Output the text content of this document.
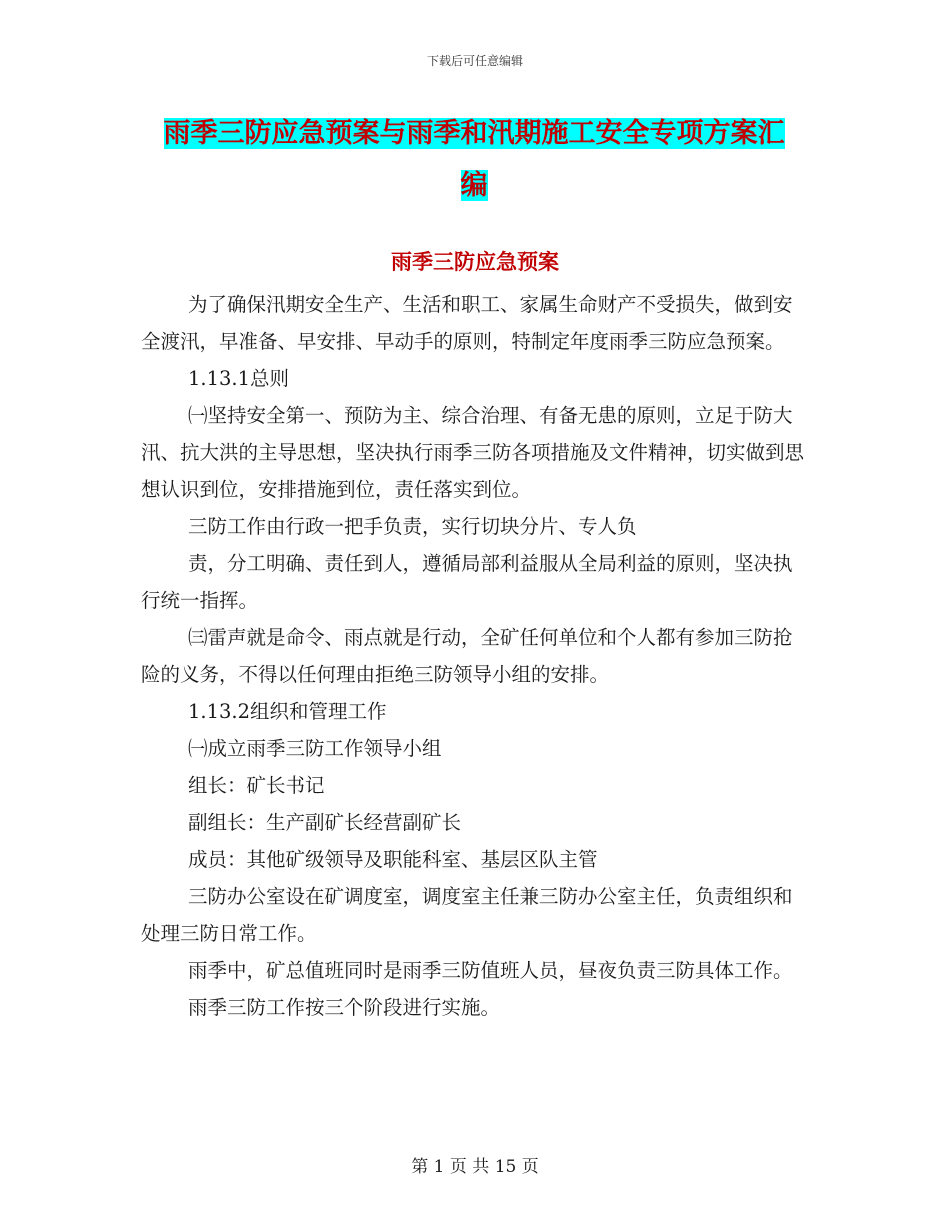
下载后可任意编辑
雨季三防应急预案与雨季和汛期施工安全专项方案汇
编
雨季三防应急预案

为了确保汛期安全生产、生活和职工、家属生命财产不受损失，做到安全渡汛，早准备、早安排、早动手的原则，特制定年度雨季三防应急预案。

1.13.1总则

㈠坚持安全第一、预防为主、综合治理、有备无患的原则，立足于防大汛、抗大洪的主导思想，坚决执行雨季三防各项措施及文件精神，切实做到思想认识到位，安排措施到位，责任落实到位。

三防工作由行政一把手负责，实行切块分片、专人负

责，分工明确、责任到人，遵循局部利益服从全局利益的原则，坚决执行统一指挥。

㈢雷声就是命令、雨点就是行动，全矿任何单位和个人都有参加三防抢险的义务，不得以任何理由拒绝三防领导小组的安排。

1.13.2组织和管理工作

㈠成立雨季三防工作领导小组

组长：矿长书记

副组长：生产副矿长经营副矿长

成员：其他矿级领导及职能科室、基层区队主管

三防办公室设在矿调度室，调度室主任兼三防办公室主任，负责组织和处理三防日常工作。

雨季中，矿总值班同时是雨季三防值班人员，昼夜负责三防具体工作。

雨季三防工作按三个阶段进行实施。

第 1 页 共 15 页
